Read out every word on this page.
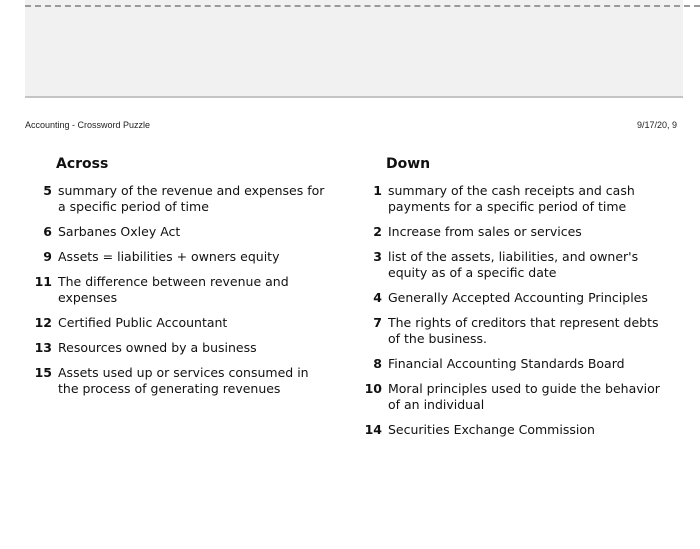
Accounting - Crossword Puzzle	9/17/20, 9
Across
5 summary of the revenue and expenses for a specific period of time
6 Sarbanes Oxley Act
9 Assets = liabilities + owners equity
11 The difference between revenue and expenses
12 Certified Public Accountant
13 Resources owned by a business
15 Assets used up or services consumed in the process of generating revenues
Down
1 summary of the cash receipts and cash payments for a specific period of time
2 Increase from sales or services
3 list of the assets, liabilities, and owner's equity as of a specific date
4 Generally Accepted Accounting Principles
7 The rights of creditors that represent debts of the business.
8 Financial Accounting Standards Board
10 Moral principles used to guide the behavior of an individual
14 Securities Exchange Commission
